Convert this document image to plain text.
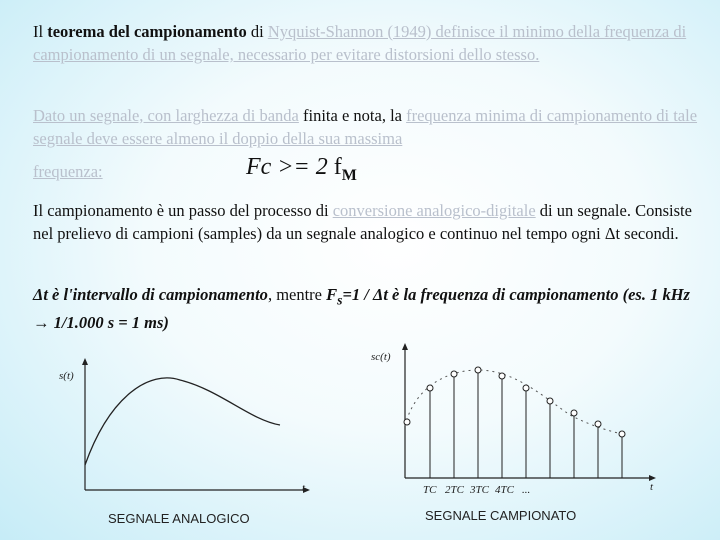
Il teorema del campionamento di Nyquist-Shannon (1949) definisce il minimo della frequenza di campionamento di un segnale, necessario per evitare distorsioni dello stesso.

Dato un segnale, con larghezza di banda finita e nota, la frequenza minima di campionamento di tale segnale deve essere almeno il doppio della sua massima

frequenza:	Fc >= 2 $f_M$

Il campionamento è un passo del processo di conversione analogico-digitale di un segnale. Consiste nel prelievo di campioni (samples) da un segnale analogico e continuo nel tempo ogni Δt secondi.

Δt è l'intervallo di campionamento, mentre $F_s=1 / \Delta t$ è la frequenza di campionamento (es. 1 kHz → 1/1.000 s = 1 ms)

s(t)
t
SEGNALE ANALOGICO
sc(t)
t
TC 2TC 3TC 4TC ...
SEGNALE CAMPIONATO
